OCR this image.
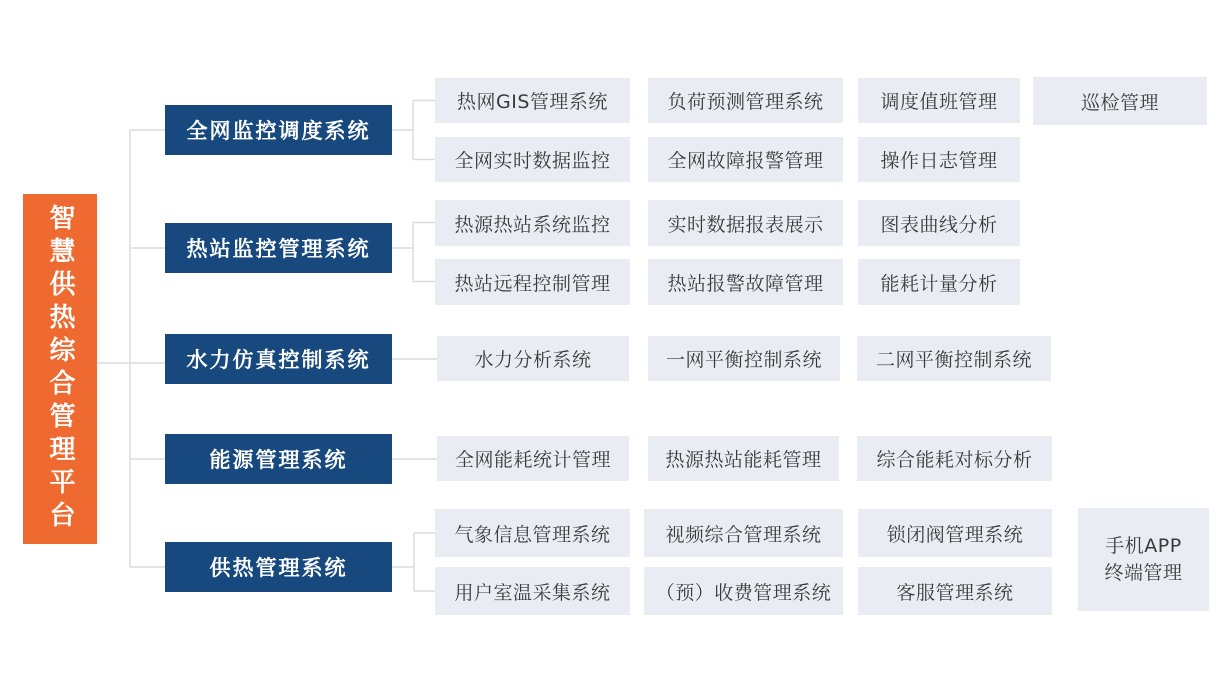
智慧供热综合管理平台
全网监控调度系统
热站监控管理系统
水力仿真控制系统
能源管理系统
供热管理系统
热网GIS管理系统	负荷预测管理系统	调度值班管理	巡检管理
全网实时数据监控	全网故障报警管理	操作日志管理
热源热站系统监控	实时数据报表展示	图表曲线分析
热站远程控制管理	热站报警故障管理	能耗计量分析
水力分析系统	一网平衡控制系统	二网平衡控制系统
全网能耗统计管理	热源热站能耗管理	综合能耗对标分析
气象信息管理系统	视频综合管理系统	锁闭阀管理系统
用户室温采集系统	（预）收费管理系统	客服管理系统
手机APP
终端管理
